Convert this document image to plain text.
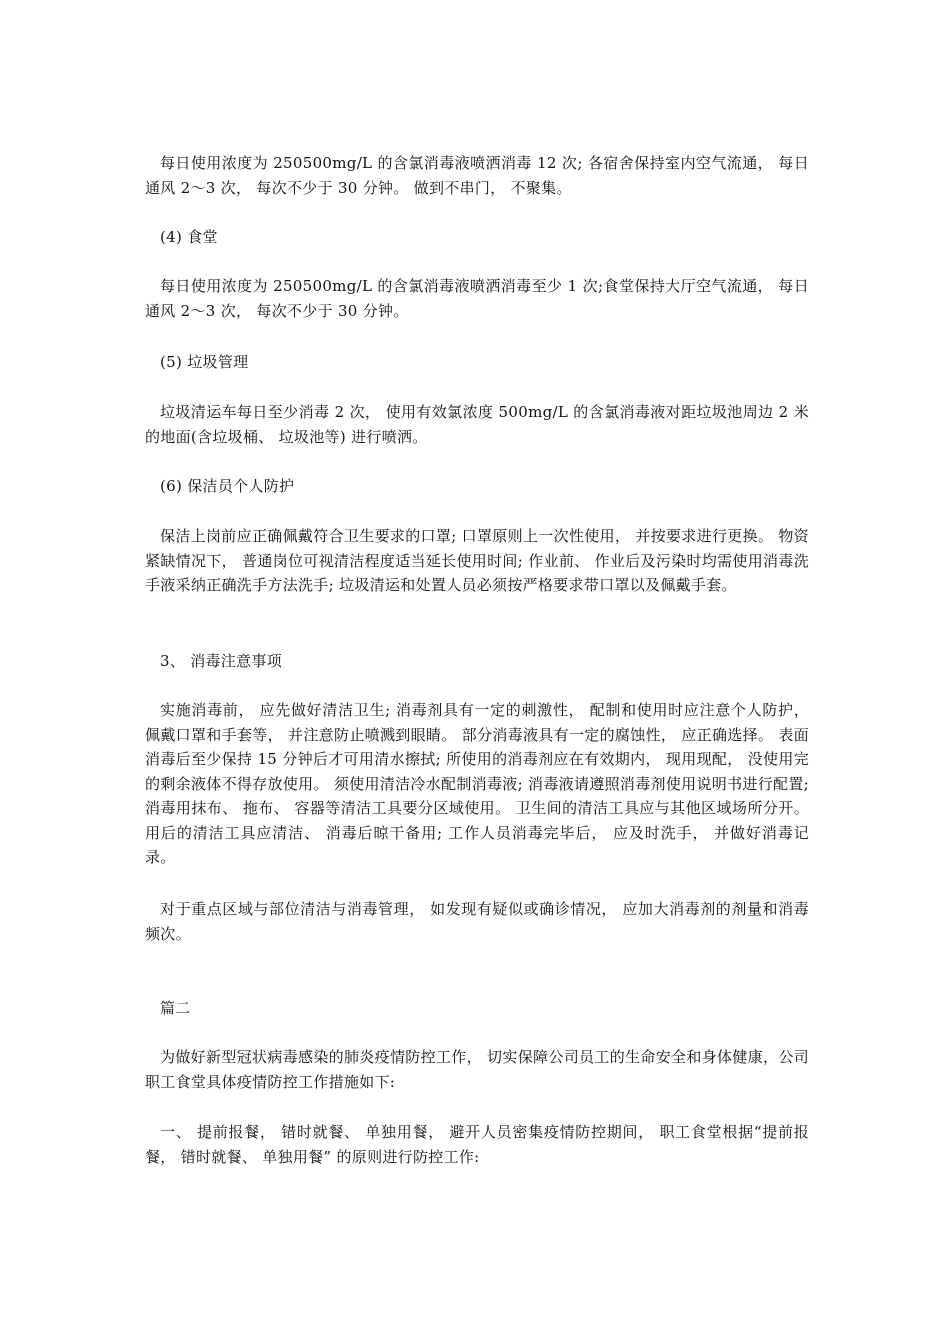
每日使用浓度为 250500mg/L 的含氯消毒液喷洒消毒 12 次; 各宿舍保持室内空气流通， 每日通风 2～3 次， 每次不少于 30 分钟。 做到不串门， 不聚集。

(4) 食堂

每日使用浓度为 250500mg/L 的含氯消毒液喷洒消毒至少 1 次;食堂保持大厅空气流通， 每日通风 2～3 次， 每次不少于 30 分钟。

(5) 垃圾管理

垃圾清运车每日至少消毒 2 次， 使用有效氯浓度 500mg/L 的含氯消毒液对距垃圾池周边 2 米的地面(含垃圾桶、 垃圾池等) 进行喷洒。

(6) 保洁员个人防护

保洁上岗前应正确佩戴符合卫生要求的口罩; 口罩原则上一次性使用， 并按要求进行更换。 物资紧缺情况下， 普通岗位可视清洁程度适当延长使用时间; 作业前、 作业后及污染时均需使用消毒洗手液采纳正确洗手方法洗手; 垃圾清运和处置人员必须按严格要求带口罩以及佩戴手套。

3、 消毒注意事项

实施消毒前， 应先做好清洁卫生; 消毒剂具有一定的刺激性， 配制和使用时应注意个人防护， 佩戴口罩和手套等， 并注意防止喷溅到眼睛。 部分消毒液具有一定的腐蚀性， 应正确选择。 表面消毒后至少保持 15 分钟后才可用清水擦拭; 所使用的消毒剂应在有效期内， 现用现配， 没使用完的剩余液体不得存放使用。 须使用清洁冷水配制消毒液; 消毒液请遵照消毒剂使用说明书进行配置; 消毒用抹布、 拖布、 容器等清洁工具要分区域使用。 卫生间的清洁工具应与其他区域场所分开。 用后的清洁工具应清洁、 消毒后晾干备用; 工作人员消毒完毕后， 应及时洗手， 并做好消毒记录。

对于重点区域与部位清洁与消毒管理， 如发现有疑似或确诊情况， 应加大消毒剂的剂量和消毒频次。

篇二

为做好新型冠状病毒感染的肺炎疫情防控工作， 切实保障公司员工的生命安全和身体健康，公司职工食堂具体疫情防控工作措施如下:

一、 提前报餐， 错时就餐、 单独用餐， 避开人员密集疫情防控期间， 职工食堂根据“提前报餐， 错时就餐、 单独用餐” 的原则进行防控工作:
